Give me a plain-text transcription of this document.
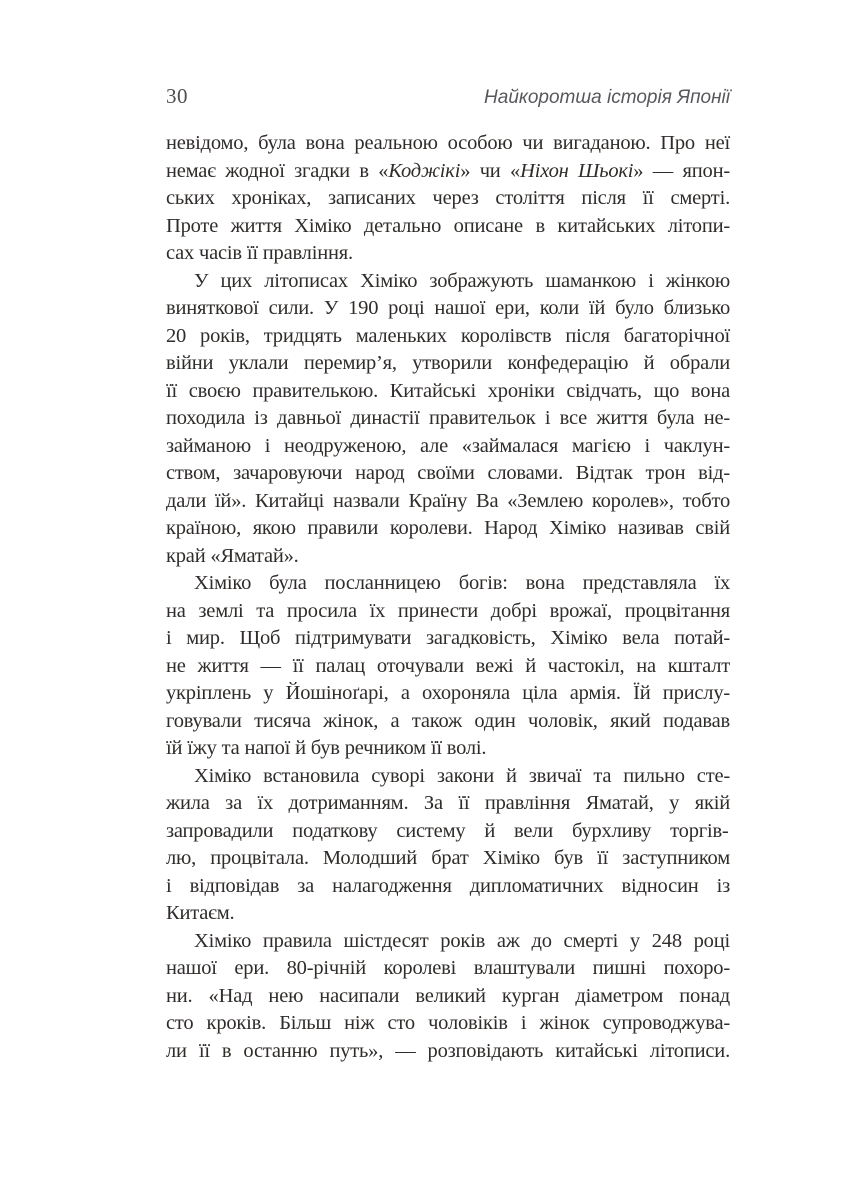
30	Найкоротша історія Японії
невідомо, була вона реальною особою чи вигаданою. Про неї
немає жодної згадки в «Коджікі» чи «Ніхон Шьокі» — япон-
ських хроніках, записаних через століття після її смерті.
Проте життя Хіміко детально описане в китайських літопи-
сах часів її правління.
У цих літописах Хіміко зображують шаманкою і жінкою
виняткової сили. У 190 році нашої ери, коли їй було близько
20 років, тридцять маленьких королівств після багаторічної
війни уклали перемир’я, утворили конфедерацію й обрали
її своєю правителькою. Китайські хроніки свідчать, що вона
походила із давньої династії правительок і все життя була не-
займаною і неодруженою, але «займалася магією і чаклун-
ством, зачаровуючи народ своїми словами. Відтак трон від-
дали їй». Китайці назвали Країну Ва «Землею королев», тобто
країною, якою правили королеви. Народ Хіміко називав свій
край «Яматай».
Хіміко була посланницею богів: вона представляла їх
на землі та просила їх принести добрі врожаї, процвітання
і мир. Щоб підтримувати загадковість, Хіміко вела потай-
не життя — її палац оточували вежі й частокіл, на кшталт
укріплень у Йошіноґарі, а охороняла ціла армія. Їй прислу-
говували тисяча жінок, а також один чоловік, який подавав
їй їжу та напої й був речником її волі.
Хіміко встановила суворі закони й звичаї та пильно сте-
жила за їх дотриманням. За її правління Яматай, у якій
запровадили податкову систему й вели бурхливу торгів-
лю, процвітала. Молодший брат Хіміко був її заступником
і відповідав за налагодження дипломатичних відносин із
Китаєм.
Хіміко правила шістдесят років аж до смерті у 248 році
нашої ери. 80-річній королеві влаштували пишні похоро-
ни. «Над нею насипали великий курган діаметром понад
сто кроків. Більш ніж сто чоловіків і жінок супроводжува-
ли її в останню путь», — розповідають китайські літописи.
